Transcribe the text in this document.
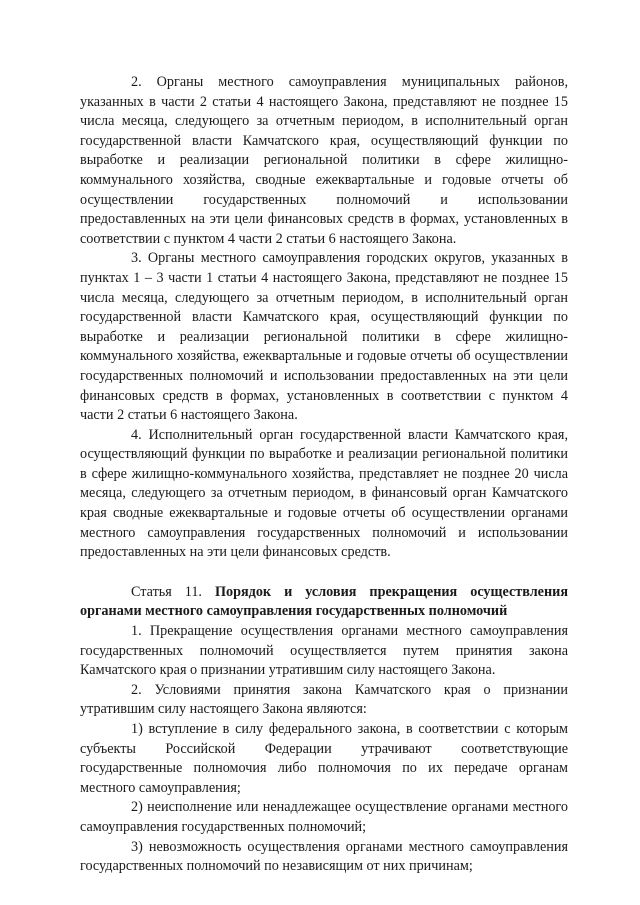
2. Органы местного самоуправления муниципальных районов, указанных в части 2 статьи 4 настоящего Закона, представляют не позднее 15 числа месяца, следующего за отчетным периодом, в исполнительный орган государственной власти Камчатского края, осуществляющий функции по выработке и реализации региональной политики в сфере жилищно-коммунального хозяйства, сводные ежеквартальные и годовые отчеты об осуществлении государственных полномочий и использовании предоставленных на эти цели финансовых средств в формах, установленных в соответствии с пунктом 4 части 2 статьи 6 настоящего Закона.

3. Органы местного самоуправления городских округов, указанных в пунктах 1 – 3 части 1 статьи 4 настоящего Закона, представляют не позднее 15 числа месяца, следующего за отчетным периодом, в исполнительный орган государственной власти Камчатского края, осуществляющий функции по выработке и реализации региональной политики в сфере жилищно-коммунального хозяйства, ежеквартальные и годовые отчеты об осуществлении государственных полномочий и использовании предоставленных на эти цели финансовых средств в формах, установленных в соответствии с пунктом 4 части 2 статьи 6 настоящего Закона.

4. Исполнительный орган государственной власти Камчатского края, осуществляющий функции по выработке и реализации региональной политики в сфере жилищно-коммунального хозяйства, представляет не позднее 20 числа месяца, следующего за отчетным периодом, в финансовый орган Камчатского края сводные ежеквартальные и годовые отчеты об осуществлении органами местного самоуправления государственных полномочий и использовании предоставленных на эти цели финансовых средств.

Статья 11. Порядок и условия прекращения осуществления органами местного самоуправления государственных полномочий

1. Прекращение осуществления органами местного самоуправления государственных полномочий осуществляется путем принятия закона Камчатского края о признании утратившим силу настоящего Закона.

2. Условиями принятия закона Камчатского края о признании утратившим силу настоящего Закона являются:

1) вступление в силу федерального закона, в соответствии с которым субъекты Российской Федерации утрачивают соответствующие государственные полномочия либо полномочия по их передаче органам местного самоуправления;

2) неисполнение или ненадлежащее осуществление органами местного самоуправления государственных полномочий;

3) невозможность осуществления органами местного самоуправления государственных полномочий по независящим от них причинам;
